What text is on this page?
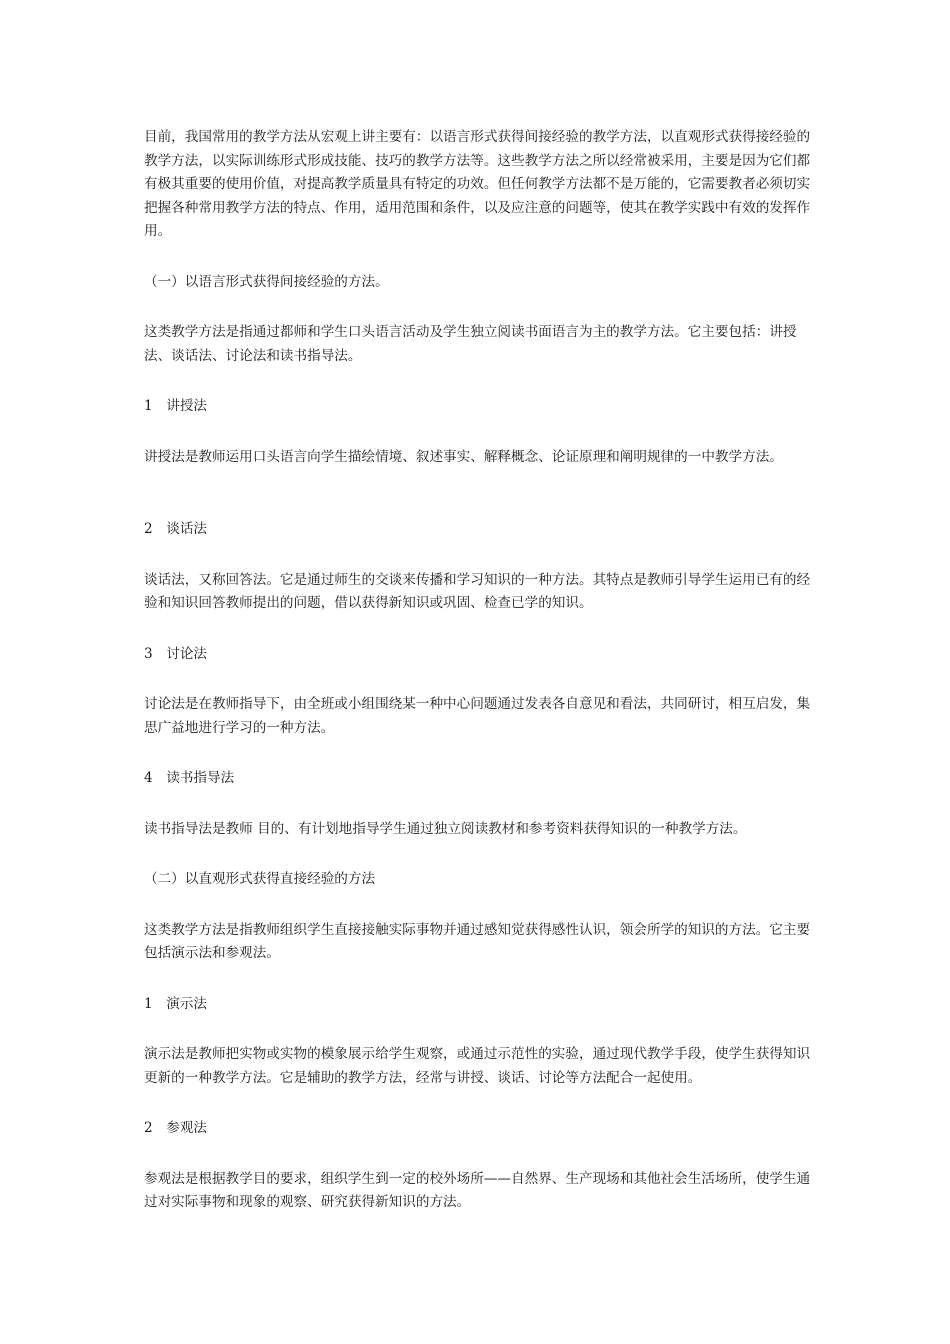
目前，我国常用的教学方法从宏观上讲主要有：以语言形式获得间接经验的教学方法，以直观形式获得接经验的教学方法，以实际训练形式形成技能、技巧的教学方法等。这些教学方法之所以经常被采用，主要是因为它们都有极其重要的使用价值，对提高教学质量具有特定的功效。但任何教学方法都不是万能的，它需要教者必须切实把握各种常用教学方法的特点、作用，适用范围和条件，以及应注意的问题等，使其在教学实践中有效的发挥作用。

（一）以语言形式获得间接经验的方法。

这类教学方法是指通过都师和学生口头语言活动及学生独立阅读书面语言为主的教学方法。它主要包括：讲授法、谈话法、讨论法和读书指导法。

1　讲授法

讲授法是教师运用口头语言向学生描绘情境、叙述事实、解释概念、论证原理和阐明规律的一中教学方法。

2　谈话法

谈话法，又称回答法。它是通过师生的交谈来传播和学习知识的一种方法。其特点是教师引导学生运用已有的经验和知识回答教师提出的问题，借以获得新知识或巩固、检查已学的知识。

3　讨论法

讨论法是在教师指导下，由全班或小组围绕某一种中心问题通过发表各自意见和看法，共同研讨，相互启发，集思广益地进行学习的一种方法。

4　读书指导法

读书指导法是教师 目的、有计划地指导学生通过独立阅读教材和参考资料获得知识的一种教学方法。

（二）以直观形式获得直接经验的方法

这类教学方法是指教师组织学生直接接触实际事物并通过感知觉获得感性认识，领会所学的知识的方法。它主要包括演示法和参观法。

1　演示法

演示法是教师把实物或实物的模象展示给学生观察，或通过示范性的实验，通过现代教学手段，使学生获得知识更新的一种教学方法。它是辅助的教学方法，经常与讲授、谈话、讨论等方法配合一起使用。

2　参观法

参观法是根据教学目的要求，组织学生到一定的校外场所——自然界、生产现场和其他社会生活场所，使学生通过对实际事物和现象的观察、研究获得新知识的方法。
